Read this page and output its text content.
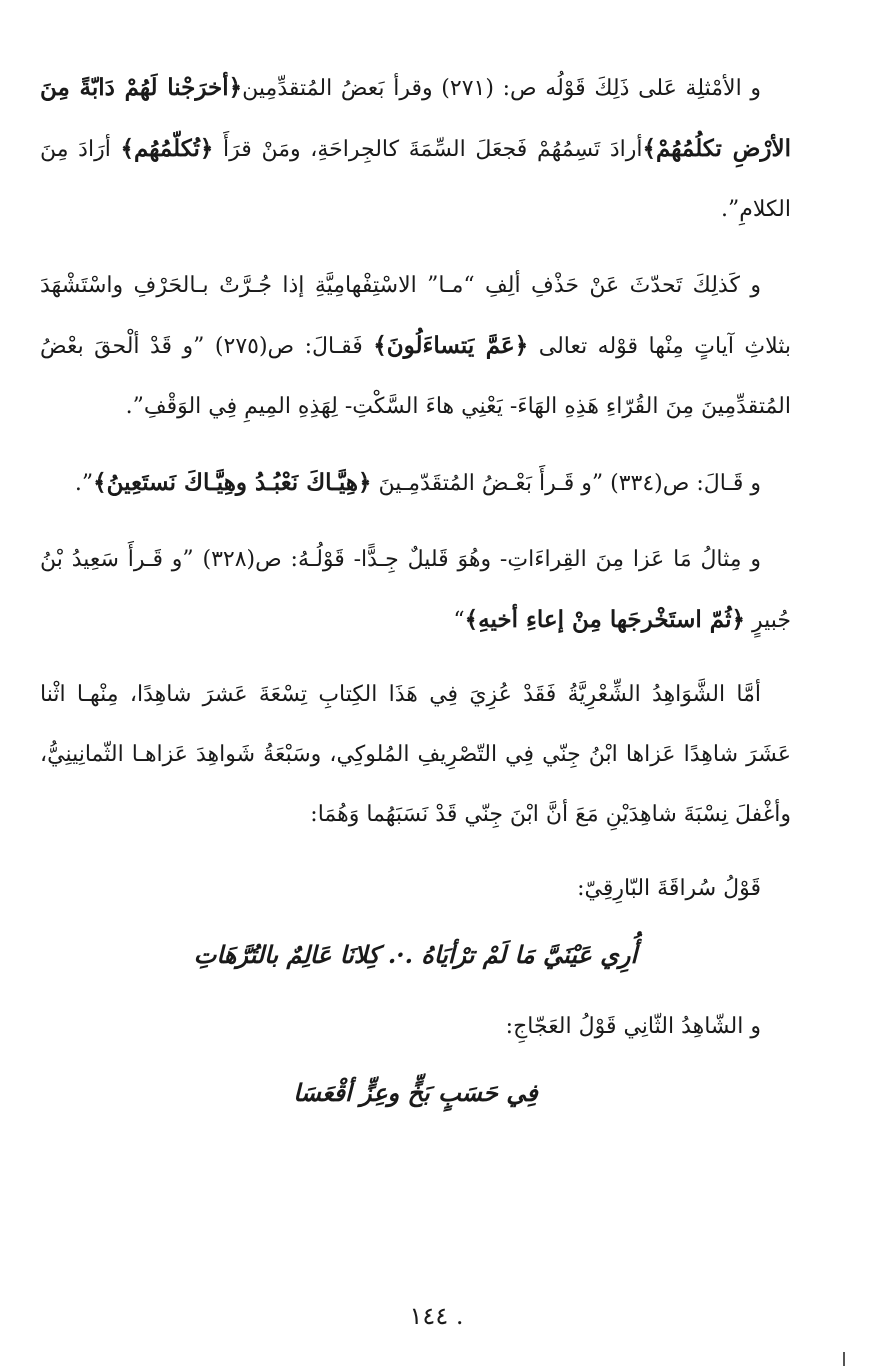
و الأمْثلِة عَلى ذَلِكَ قَوْلُه ص: (٢٧١) وقرأ بَعضُ المُتقدِّمِين﴿أخرَجْنا لَهُمْ دَابّةً مِنَ الأرْضِ تكلُمُهُمْ﴾أرادَ تَسِمُهُمْ فَجعَلَ السِّمَةَ كالجِراحَةِ، ومَنْ قرَأَ ﴿تُكلّمُهُم﴾ أرَادَ مِنَ الكلامِ”.

و كَذلِكَ تَحدّثَ عَنْ حَذْفِ ألِفِ “مـا” الاسْتِفْهامِيَّةِ إذا جُـرَّتْ بـالحَرْفِ واسْتَشْهَدَ بثلاثِ آياتٍ مِنْها قوْله تعالى ﴿عَمَّ يَتساءَلُونَ﴾ فَقـالَ: ص(٢٧٥) ”و قَدْ ألْحقَ بعْضُ المُتقدِّمِينَ مِنَ القُرّاءِ هَذِهِ الهَاءَ- يَعْنِي هاءَ السَّكْتِ- لِهَذِهِ المِيمِ فِي الوَقْفِ”.

و قَـالَ: ص(٣٣٤) ”و قَـرأَ بَعْـضُ المُتقَدّمِـينَ ﴿هِيَّـاكَ نَعْبُـدُ وهِيَّـاكَ نَستَعِينُ﴾”.

و مِثالُ مَا عَزا مِنَ القِراءَاتِ- وهُوَ قَليلٌ جِـدًّا- قَوْلُـهُ: ص(٣٢٨) ”و قَـرأَ سَعِيدُ بْنُ جُبيرٍ ﴿ثُمّ استَخْرجَها مِنْ إعاءِ أخيهِ﴾“

أمَّا الشَّوَاهِدُ الشِّعْرِيَّةُ فَقَدْ عُزِيَ فِي هَذَا الكِتابِ تِسْعَةَ عَشرَ شاهِدًا، مِنْهـا اثْنا عَشَرَ شاهِدًا عَزاها ابْنُ جِنّي فِي التّصْرِيفِ المُلوكِي، وسَبْعَةُ شَواهِدَ عَزاهـا الثّمانِينِيُّ، وأغْفلَ نِسْبَةَ شاهِدَيْنِ مَعَ أنَّ ابْنَ جِنّي قَدْ نَسَبَهُما وَهُمَا:

قَوْلُ سُراقَةَ البّارِقِيّ:

أُرِي عَيْنَيَّ مَا لَمْ ترْأيَاهُ .·. كِلانَا عَالِمٌ بالتُرَّهَاتِ

و الشّاهِدُ الثّانِي قَوْلُ العَجّاجِ:

فِي حَسَبٍ بَخٍّ وعِزٍّ أقْعَسَا

. ١٤٤
